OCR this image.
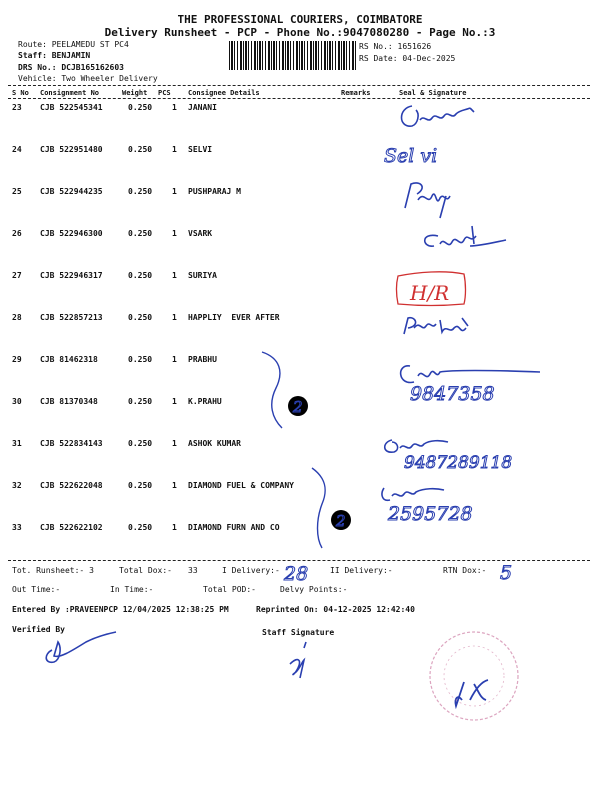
THE PROFESSIONAL COURIERS, COIMBATORE
Delivery Runsheet - PCP - Phone No.:9047080280 - Page No.:3
Route: PEELAMEDU ST PC4
Staff: BENJAMIN
DRS No.: DCJB165162603
Vehicle: Two Wheeler Delivery
RS No.: 1651626
RS Date: 04-Dec-2025
S No Consignment No	Weight PCS Consignee Details	Remarks	Seal & Signature
23 CJB 522545341	0.250 1 JANANI
24 CJB 522951480	0.250 1 SELVI
25 CJB 522944235	0.250 1 PUSHPARAJ M
26 CJB 522946300	0.250 1 VSARK
27 CJB 522946317	0.250 1 SURIYA
28 CJB 522857213	0.250 1 HAPPLIY  EVER AFTER
29 CJB 81462318	0.250 1 PRABHU
30 CJB 81370348	0.250 1 K.PRAHU
31 CJB 522834143	0.250 1 ASHOK KUMAR
32 CJB 522622048	0.250 1 DIAMOND FUEL & COMPANY
33 CJB 522622102	0.250 1 DIAMOND FURN AND CO
Tot. Runsheet:- 3	Total Dox:- 33	I Delivery:-	II Delivery:-	RTN Dox:-
Out Time:-	In Time:-	Total POD:-	Delvy Points:-
Entered By :PRAVEENPCP 12/04/2025 12:38:25 PM	Reprinted On: 04-12-2025 12:42:40
Verified By	Staff Signature
Sel vi
9847358
2
9487289118
2595728
2
28	5
H/R
